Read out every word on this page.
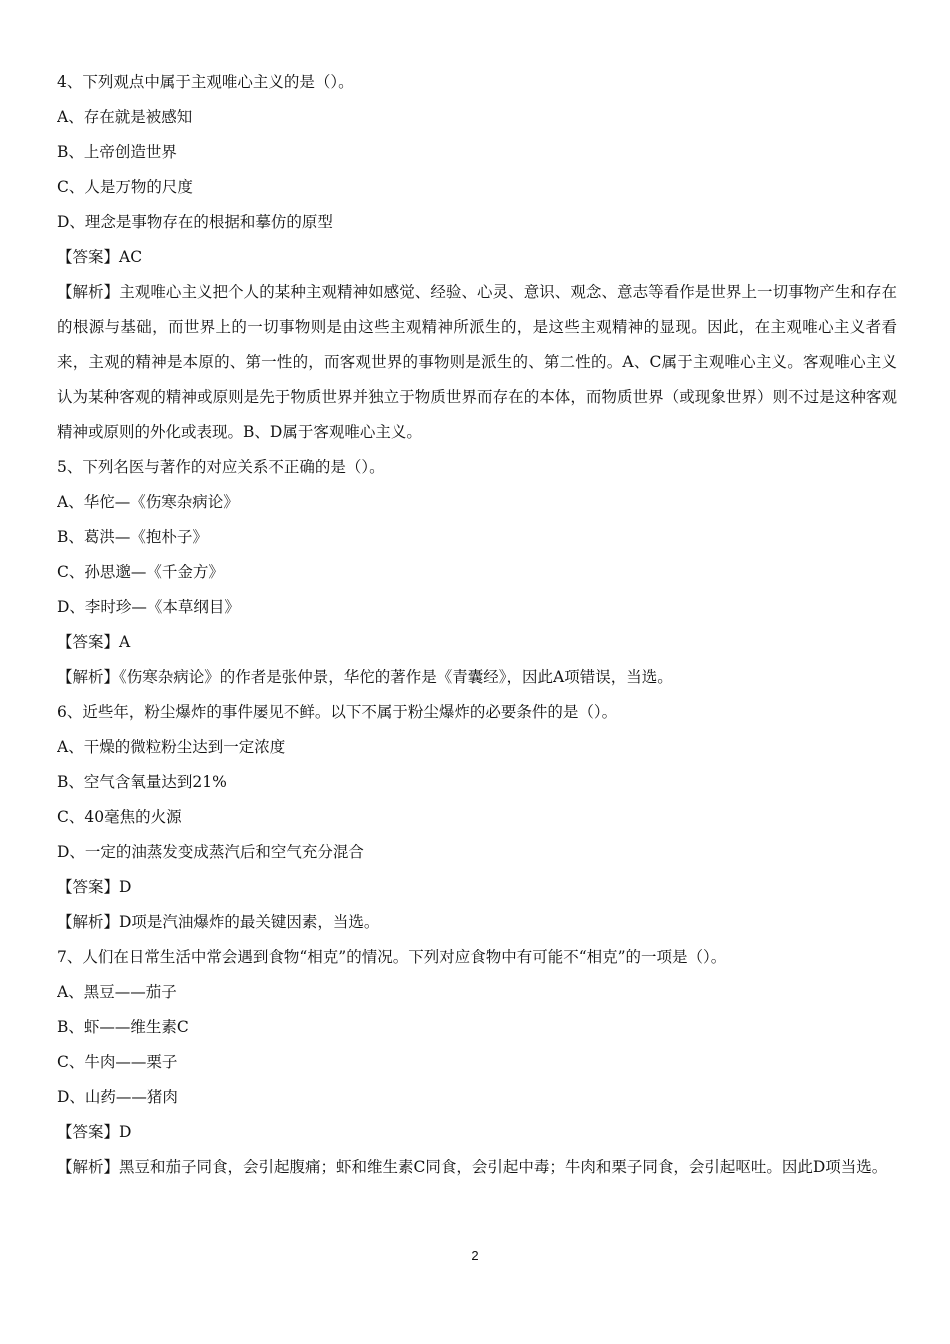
4、下列观点中属于主观唯心主义的是（）。
A、存在就是被感知
B、上帝创造世界
C、人是万物的尺度
D、理念是事物存在的根据和摹仿的原型
【答案】AC
【解析】主观唯心主义把个人的某种主观精神如感觉、经验、心灵、意识、观念、意志等看作是世界上一切事物产生和存在的根源与基础，而世界上的一切事物则是由这些主观精神所派生的，是这些主观精神的显现。因此，在主观唯心主义者看来，主观的精神是本原的、第一性的，而客观世界的事物则是派生的、第二性的。A、C属于主观唯心主义。客观唯心主义认为某种客观的精神或原则是先于物质世界并独立于物质世界而存在的本体，而物质世界（或现象世界）则不过是这种客观精神或原则的外化或表现。B、D属于客观唯心主义。
5、下列名医与著作的对应关系不正确的是（）。
A、华佗—《伤寒杂病论》
B、葛洪—《抱朴子》
C、孙思邈—《千金方》
D、李时珍—《本草纲目》
【答案】A
【解析】《伤寒杂病论》的作者是张仲景，华佗的著作是《青囊经》，因此A项错误，当选。
6、近些年，粉尘爆炸的事件屡见不鲜。以下不属于粉尘爆炸的必要条件的是（）。
A、干燥的微粒粉尘达到一定浓度
B、空气含氧量达到21%
C、40毫焦的火源
D、一定的油蒸发变成蒸汽后和空气充分混合
【答案】D
【解析】D项是汽油爆炸的最关键因素，当选。
7、人们在日常生活中常会遇到食物“相克”的情况。下列对应食物中有可能不“相克”的一项是（）。
A、黑豆——茄子
B、虾——维生素C
C、牛肉——栗子
D、山药——猪肉
【答案】D
【解析】黑豆和茄子同食，会引起腹痛；虾和维生素C同食，会引起中毒；牛肉和栗子同食，会引起呕吐。因此D项当选。
2
